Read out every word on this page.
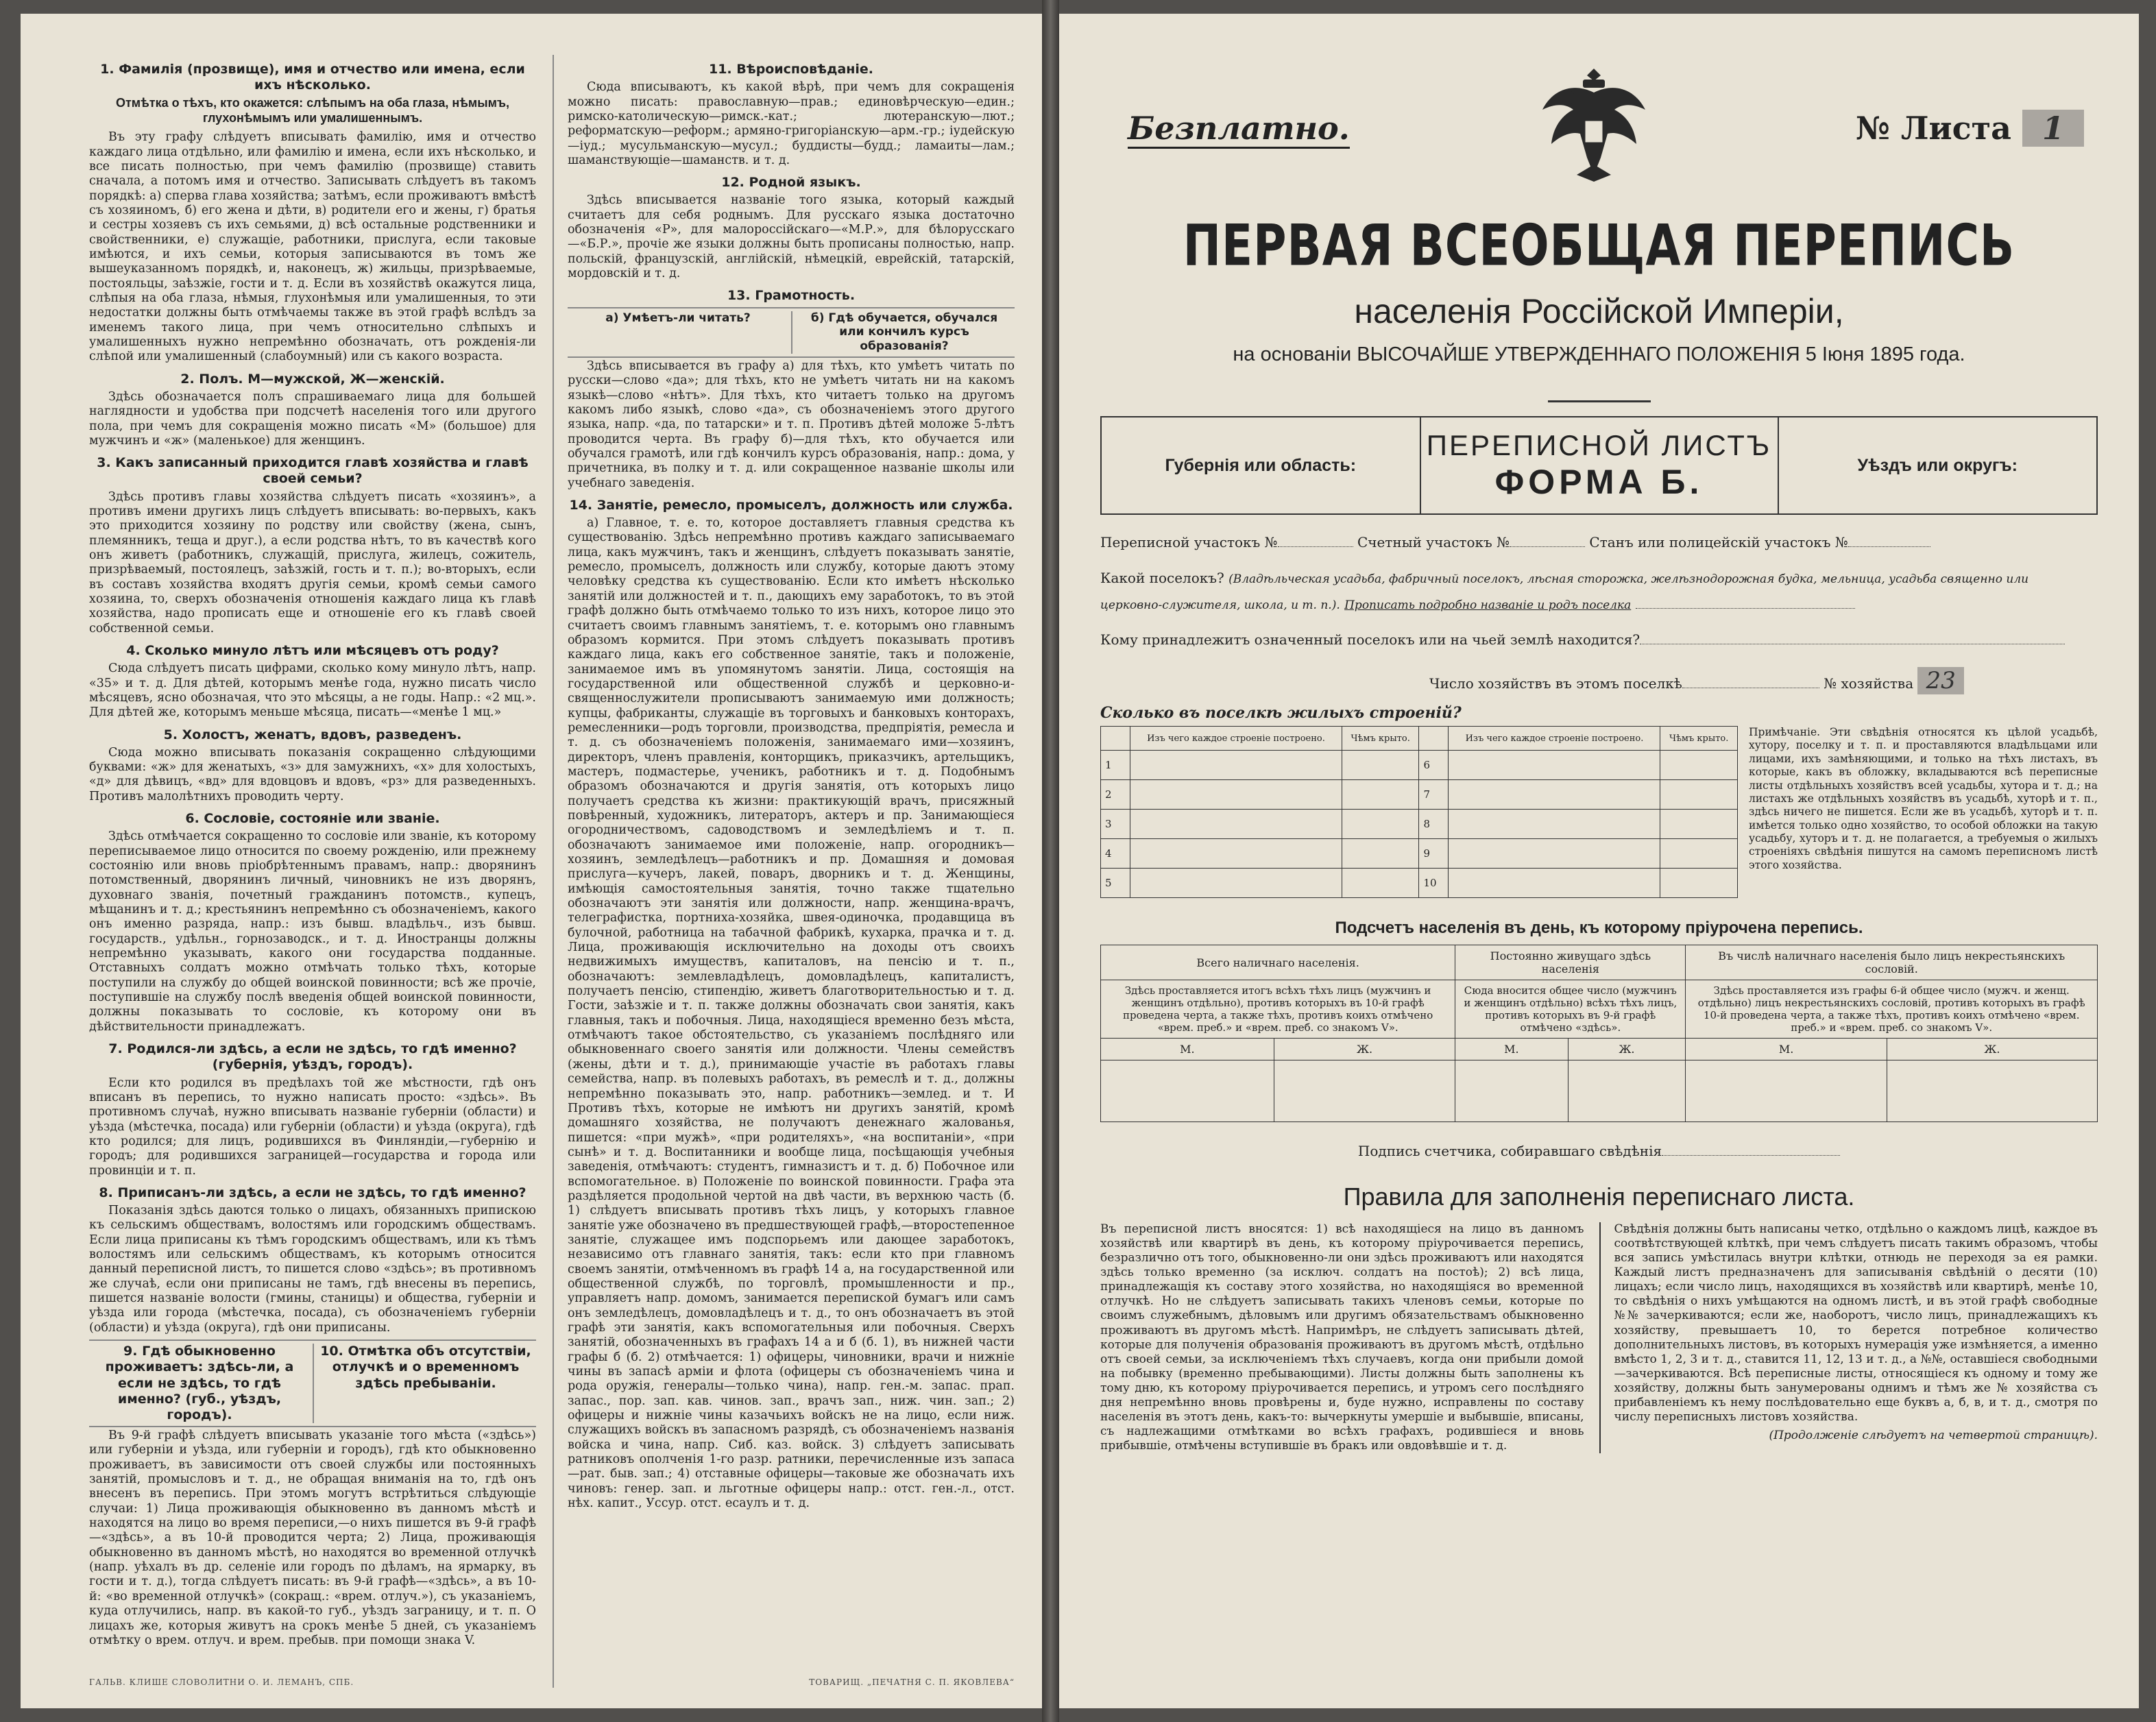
1. Фамилія (прозвище), имя и отчество или имена, если ихъ нѣсколько.
Отмѣтка о тѣхъ, кто окажется: слѣпымъ на оба глаза, нѣмымъ, глухонѣмымъ или умалишеннымъ.

Въ эту графу слѣдуетъ вписывать фамилію, имя и отчество каждаго лица отдѣльно, или фамилію и имена, если ихъ нѣсколько, и все писать полностью, при чемъ фамилію (прозвище) ставить сначала, а потомъ имя и отчество. Записывать слѣдуетъ въ такомъ порядкѣ: а) сперва глава хозяйства; затѣмъ, если проживаютъ вмѣстѣ съ хозяиномъ, б) его жена и дѣти, в) родители его и жены, г) братья и сестры хозяевъ съ ихъ семьями, д) всѣ остальные родственники и свойственники, е) служащіе, работники, прислуга, если таковые имѣются, и ихъ семьи, которыя записываются въ томъ же вышеуказанномъ порядкѣ, и, наконецъ, ж) жильцы, призрѣваемые, постояльцы, заѣзжіе, гости и т. д. Если въ хозяйствѣ окажутся лица, слѣпыя на оба глаза, нѣмыя, глухонѣмыя или умалишенныя, то эти недостатки должны быть отмѣчаемы также въ этой графѣ вслѣдъ за именемъ такого лица, при чемъ относительно слѣпыхъ и умалишенныхъ нужно непремѣнно обозначать, отъ рожденія-ли слѣпой или умалишенный (слабоумный) или съ какого возраста.

2. Полъ. М—мужской, Ж—женскій.

Здѣсь обозначается полъ спрашиваемаго лица для большей наглядности и удобства при подсчетѣ населенія того или другого пола, при чемъ для сокращенія можно писать «М» (большое) для мужчинъ и «ж» (маленькое) для женщинъ.

3. Какъ записанный приходится главѣ хозяйства и главѣ своей семьи?

Здѣсь противъ главы хозяйства слѣдуетъ писать «хозяинъ», а противъ имени другихъ лицъ слѣдуетъ вписывать: во-первыхъ, какъ это приходится хозяину по родству или свойству (жена, сынъ, племянникъ, теща и друг.), а если родства нѣтъ, то въ качествѣ кого онъ живетъ (работникъ, служащій, прислуга, жилецъ, сожитель, призрѣваемый, постоялецъ, заѣзжій, гость и т. п.); во-вторыхъ, если въ составъ хозяйства входятъ другія семьи, кромѣ семьи самого хозяина, то, сверхъ обозначенія отношенія каждаго лица къ главѣ хозяйства, надо прописать еще и отношеніе его къ главѣ своей собственной семьи.

4. Сколько минуло лѣтъ или мѣсяцевъ отъ роду?

Сюда слѣдуетъ писать цифрами, сколько кому минуло лѣтъ, напр. «35» и т. д. Для дѣтей, которымъ менѣе года, нужно писать число мѣсяцевъ, ясно обозначая, что это мѣсяцы, а не годы. Напр.: «2 мц.». Для дѣтей же, которымъ меньше мѣсяца, писать—«менѣе 1 мц.»

5. Холостъ, женатъ, вдовъ, разведенъ.

Сюда можно вписывать показанія сокращенно слѣдующими буквами: «ж» для женатыхъ, «з» для замужнихъ, «х» для холостыхъ, «д» для дѣвицъ, «вд» для вдовцовъ и вдовъ, «рз» для разведенныхъ. Противъ малолѣтнихъ проводить черту.

6. Сословіе, состояніе или званіе.

Здѣсь отмѣчается сокращенно то сословіе или званіе, къ которому переписываемое лицо относится по своему рожденію, или прежнему состоянію или вновь пріобрѣтеннымъ правамъ, напр.: дворянинъ потомственный, дворянинъ личный, чиновникъ не изъ дворянъ, духовнаго званія, почетный гражданинъ потомств., купецъ, мѣщанинъ и т. д.; крестьянинъ непремѣнно съ обозначеніемъ, какого онъ именно разряда, напр.: изъ бывш. владѣльч., изъ бывш. государств., удѣльн., горнозаводск., и т. д. Иностранцы должны непремѣнно указывать, какого они государства подданные. Отставныхъ солдатъ можно отмѣчать только тѣхъ, которые поступили на службу до общей воинской повинности; всѣ же прочіе, поступившіе на службу послѣ введенія общей воинской повинности, должны показывать то сословіе, къ которому они въ дѣйствительности принадлежатъ.

7. Родился-ли здѣсь, а если не здѣсь, то гдѣ именно? (губернія, уѣздъ, городъ).

Если кто родился въ предѣлахъ той же мѣстности, гдѣ онъ вписанъ въ перепись, то нужно написать просто: «здѣсь». Въ противномъ случаѣ, нужно вписывать названіе губерніи (области) и уѣзда (мѣстечка, посада) или губерніи (области) и уѣзда (округа), гдѣ кто родился; для лицъ, родившихся въ Финляндіи,—губернію и городъ; для родившихся заграницей—государства и города или провинціи и т. п.

8. Приписанъ-ли здѣсь, а если не здѣсь, то гдѣ именно?

Показанія здѣсь даются только о лицахъ, обязанныхъ припискою къ сельскимъ обществамъ, волостямъ или городскимъ обществамъ. Если лица приписаны къ тѣмъ городскимъ обществамъ, или къ тѣмъ волостямъ или сельскимъ обществамъ, къ которымъ относится данный переписной листъ, то пишется слово «здѣсь»; въ противномъ же случаѣ, если они приписаны не тамъ, гдѣ внесены въ перепись, пишется названіе волости (гмины, станицы) и общества, губерніи и уѣзда или города (мѣстечка, посада), съ обозначеніемъ губерніи (области) и уѣзда (округа), гдѣ они приписаны.

9. Гдѣ обыкновенно проживаетъ: здѣсь-ли, а если не здѣсь, то гдѣ именно? (губ., уѣздъ, городъ).
10. Отмѣтка объ отсутствіи, отлучкѣ и о временномъ здѣсь пребываніи.

Въ 9-й графѣ слѣдуетъ вписывать указаніе того мѣста («здѣсь») или губерніи и уѣзда, или губерніи и городъ), гдѣ кто обыкновенно проживаетъ, въ зависимости отъ своей службы или постоянныхъ занятій, промысловъ и т. д., не обращая вниманія на то, гдѣ онъ внесенъ въ перепись. При этомъ могутъ встрѣтиться слѣдующіе случаи: 1) Лица проживающія обыкновенно въ данномъ мѣстѣ и находятся на лицо во время переписи,—о нихъ пишется въ 9-й графѣ—«здѣсь», а въ 10-й проводится черта; 2) Лица, проживающія обыкновенно въ данномъ мѣстѣ, но находятся во временной отлучкѣ (напр. уѣхалъ въ др. селеніе или городъ по дѣламъ, на ярмарку, въ гости и т. д.), тогда слѣдуетъ писать: въ 9-й графѣ—«здѣсь», а въ 10-й: «во временной отлучкѣ» (сокращ.: «врем. отлуч.»), съ указаніемъ, куда отлучились, напр. въ какой-то губ., уѣздъ заграницу, и т. п. О лицахъ же, которыя живутъ на срокъ менѣе 5 дней, съ указаніемъ отмѣтку о врем. отлуч. и врем. пребыв. при помощи знака V.

ГАЛЬВ. КЛИШЕ СЛОВОЛИТНИ О. И. ЛЕМАНЪ, СПБ.
11. Вѣроисповѣданіе.

Сюда вписываютъ, къ какой вѣрѣ, при чемъ для сокращенія можно писать: православную—прав.; единовѣрческую—един.; римско-католическую—римск.-кат.; лютеранскую—лют.; реформатскую—реформ.; армяно-григоріанскую—арм.-гр.; іудейскую—іуд.; мусульманскую—мусул.; буддисты—будд.; ламаиты—лам.; шаманствующіе—шаманств. и т. д.

12. Родной языкъ.

Здѣсь вписывается названіе того языка, который каждый считаетъ для себя роднымъ. Для русскаго языка достаточно обозначенія «Р», для малороссійскаго—«М.Р.», для бѣлорусскаго—«Б.Р.», прочіе же языки должны быть прописаны полностью, напр. польскій, французскій, англійскій, нѣмецкій, еврейскій, татарскій, мордовскій и т. д.

13. Грамотность.
а) Умѣетъ-ли читать?	б) Гдѣ обучается, обучался или кончилъ курсъ образованія?

Здѣсь вписывается въ графу а) для тѣхъ, кто умѣетъ читать по русски—слово «да»; для тѣхъ, кто не умѣетъ читать ни на какомъ языкѣ—слово «нѣтъ». Для тѣхъ, кто читаетъ только на другомъ какомъ либо языкѣ, слово «да», съ обозначеніемъ этого другого языка, напр. «да, по татарски» и т. п. Противъ дѣтей моложе 5-лѣтъ проводится черта. Въ графу б)—для тѣхъ, кто обучается или обучался грамотѣ, или гдѣ кончилъ курсъ образованія, напр.: дома, у причетника, въ полку и т. д. или сокращенное названіе школы или учебнаго заведенія.

14. Занятіе, ремесло, промыселъ, должность или служба.

а) Главное, т. е. то, которое доставляетъ главныя средства къ существованію. Здѣсь непремѣнно противъ каждаго записываемаго лица, какъ мужчинъ, такъ и женщинъ, слѣдуетъ показывать занятіе, ремесло, промыселъ, должность или службу, которые даютъ этому человѣку средства къ существованію. Если кто имѣетъ нѣсколько занятій или должностей и т. п., дающихъ ему заработокъ, то въ этой графѣ должно быть отмѣчаемо только то изъ нихъ, которое лицо это считаетъ своимъ главнымъ занятіемъ, т. е. которымъ оно главнымъ образомъ кормится. При этомъ слѣдуетъ показывать противъ каждаго лица, какъ его собственное занятіе, такъ и положеніе, занимаемое имъ въ упомянутомъ занятіи. Лица, состоящія на государственной или общественной службѣ и церковно-и-священнослужители прописываютъ занимаемую ими должность; купцы, фабриканты, служащіе въ торговыхъ и банковыхъ конторахъ, ремесленники—родъ торговли, производства, предпріятія, ремесла и т. д. съ обозначеніемъ положенія, занимаемаго ими—хозяинъ, директоръ, членъ правленія, конторщикъ, приказчикъ, артельщикъ, мастеръ, подмастерье, ученикъ, работникъ и т. д. Подобнымъ образомъ обозначаются и другія занятія, отъ которыхъ лицо получаетъ средства къ жизни: практикующій врачъ, присяжный повѣренный, художникъ, литераторъ, актеръ и пр. Занимающіеся огородничествомъ, садоводствомъ и земледѣліемъ и т. п. обозначаютъ занимаемое ими положеніе, напр. огородникъ—хозяинъ, земледѣлецъ—работникъ и пр. Домашняя и домовая прислуга—кучеръ, лакей, поваръ, дворникъ и т. д. Женщины, имѣющія самостоятельныя занятія, точно также тщательно обозначаютъ эти занятія или должности, напр. женщина-врачъ, телеграфистка, портниха-хозяйка, швея-одиночка, продавщица въ булочной, работница на табачной фабрикѣ, кухарка, прачка и т. д. Лица, проживающія исключительно на доходы отъ своихъ недвижимыхъ имуществъ, капиталовъ, на пенсію и т. п., обозначаютъ: землевладѣлецъ, домовладѣлецъ, капиталистъ, получаетъ пенсію, стипендію, живетъ благотворительностью и т. д. Гости, заѣзжіе и т. п. также должны обозначать свои занятія, какъ главныя, такъ и побочныя. Лица, находящіеся временно безъ мѣста, отмѣчаютъ такое обстоятельство, съ указаніемъ послѣдняго или обыкновеннаго своего занятія или должности. Члены семействъ (жены, дѣти и т. д.), принимающіе участіе въ работахъ главы семейства, напр. въ полевыхъ работахъ, въ ремеслѣ и т. д., должны непремѣнно показывать это, напр. работникъ—землед. и т. И Противъ тѣхъ, которые не имѣютъ ни другихъ занятій, кромѣ домашняго хозяйства, не получаютъ денежнаго жалованья, пишется: «при мужѣ», «при родителяхъ», «на воспитаніи», «при сынѣ» и т. д. Воспитанники и вообще лица, посѣщающія учебныя заведенія, отмѣчаютъ: студентъ, гимназистъ и т. д. б) Побочное или вспомогательное. в) Положеніе по воинской повинности. Графа эта раздѣляется продольной чертой на двѣ части, въ верхнюю часть (б. 1) слѣдуетъ вписывать противъ тѣхъ лицъ, у которыхъ главное занятіе уже обозначено въ предшествующей графѣ,—второстепенное занятіе, служащее имъ подспорьемъ или дающее заработокъ, независимо отъ главнаго занятія, такъ: если кто при главномъ своемъ занятіи, отмѣченномъ въ графѣ 14 а, на государственной или общественной службѣ, по торговлѣ, промышленности и пр., управляетъ напр. домомъ, занимается перепиской бумагъ или самъ онъ земледѣлецъ, домовладѣлецъ и т. д., то онъ обозначаетъ въ этой графѣ эти занятія, какъ вспомогательныя или побочныя. Сверхъ занятій, обозначенныхъ въ графахъ 14 а и б (б. 1), въ нижней части графы б (б. 2) отмѣчается: 1) офицеры, чиновники, врачи и нижніе чины въ запасѣ арміи и флота (офицеры съ обозначеніемъ чина и рода оружія, генералы—только чина), напр. ген.-м. запас. прап. запас., пор. зап. кав. чинов. зап., врачъ зап., ниж. чин. зап.; 2) офицеры и нижніе чины казачьихъ войскъ не на лицо, если ниж. служащихъ войскъ въ запасномъ разрядѣ, съ обозначеніемъ названія войска и чина, напр. Сиб. каз. войск. 3) слѣдуетъ записывать ратниковъ ополченія 1-го разр. ратники, перечисленные изъ запаса—рат. быв. зап.; 4) отставные офицеры—таковые же обозначать ихъ чиновъ: генер. зап. и льготные офицеры напр.: отст. ген.-л., отст. нѣх. капит., Уссур. отст. есаулъ и т. д.

ТОВАРИЩ. „ПЕЧАТНЯ С. П. ЯКОВЛЕВА“
Безплатно.	№ Листа 1
ПЕРВАЯ ВСЕОБЩАЯ ПЕРЕПИСЬ
населенія Россійской Имперіи,
на основаніи ВЫСОЧАЙШЕ УТВЕРЖДЕННАГО ПОЛОЖЕНІЯ 5 Іюня 1895 года.
Губернія или область:
ПЕРЕПИСНОЙ ЛИСТЪ
ФОРМА Б.	Уѣздъ или округъ:
Переписной участокъ №	Счетный участокъ №	Станъ или полицейскій участокъ №
Какой поселокъ? (Владѣльческая усадьба, фабричный поселокъ, лѣсная сторожка, желѣзнодорожная будка, мельница, усадьба священно или
церковно-служителя, школа, и т. п.). Прописать подробно названіе и родъ поселка
Кому принадлежитъ означенный поселокъ или на чьей землѣ находится?
Число хозяйствъ въ этомъ поселкѣ	№ хозяйства 23
Сколько въ поселкѣ жилыхъ строеній?
	Изъ чего каждое строеніе построено.	Чѣмъ крыто.		Изъ чего каждое строеніе построено.	Чѣмъ крыто.
1			6		
2			7		
3			8		
4			9		
5			10		
Примѣчаніе. Эти свѣдѣнія относятся къ цѣлой усадьбѣ, хутору, поселку и т. п. и проставляются владѣльцами или лицами, ихъ замѣняющими, и только на тѣхъ листахъ, въ которые, какъ въ обложку, вкладываются всѣ переписные листы отдѣльныхъ хозяйствъ всей усадьбы, хутора и т. д.; на листахъ же отдѣльныхъ хозяйствъ въ усадьбѣ, хуторѣ и т. п., здѣсь ничего не пишется. Если же въ усадьбѣ, хуторѣ и т. п. имѣется только одно хозяйство, то особой обложки на такую усадьбу, хуторъ и т. д. не полагается, а требуемыя о жилыхъ строеніяхъ свѣдѣнія пишутся на самомъ переписномъ листѣ этого хозяйства.
Подсчетъ населенія въ день, къ которому пріурочена перепись.
Всего наличнаго населенія.		Постоянно живущаго здѣсь населенія		Въ числѣ наличнаго населенія было лицъ некрестьянскихъ сословій.	
Здѣсь проставляется итогъ всѣхъ тѣхъ лицъ (мужчинъ и женщинъ отдѣльно), противъ которыхъ въ 10-й графѣ проведена черта, а также тѣхъ, противъ коихъ отмѣчено «врем. преб.» и «врем. преб. со знакомъ V».		Сюда вносится общее число (мужчинъ и женщинъ отдѣльно) всѣхъ тѣхъ лицъ, противъ которыхъ въ 9-й графѣ отмѣчено «здѣсь».		Здѣсь проставляется изъ графы 6-й общее число (мужч. и женщ. отдѣльно) лицъ некрестьянскихъ сословій, противъ которыхъ въ графѣ 10-й проведена черта, а также тѣхъ, противъ коихъ отмѣчено «врем. преб.» и «врем. преб. со знакомъ V».	
М.	Ж.	М.	Ж.	М.	Ж.

Подпись счетчика, собиравшаго свѣдѣнія
Правила для заполненія переписнаго листа.
Въ переписной листъ вносятся: 1) всѣ находящіеся на лицо въ данномъ хозяйствѣ или квартирѣ въ день, къ которому пріурочивается перепись, безразлично отъ того, обыкновенно-ли они здѣсь проживаютъ или находятся здѣсь только временно (за исключ. солдатъ на постоѣ); 2) всѣ лица, принадлежащія къ составу этого хозяйства, но находящіяся во временной отлучкѣ. Но не слѣдуетъ записывать такихъ членовъ семьи, которые по своимъ служебнымъ, дѣловымъ или другимъ обязательствамъ обыкновенно проживаютъ въ другомъ мѣстѣ. Напримѣръ, не слѣдуетъ записывать дѣтей, которые для полученія образованія проживаютъ въ другомъ мѣстѣ, отдѣльно отъ своей семьи, за исключеніемъ тѣхъ случаевъ, когда они прибыли домой на побывку (временно пребывающими). Листы должны быть заполнены къ тому дню, къ которому пріурочивается перепись, и утромъ сего послѣдняго дня непремѣнно вновь провѣрены и, буде нужно, исправлены по составу населенія въ этотъ день, какъ-то: вычеркнуты умершіе и выбывшіе, вписаны, съ надлежащими отмѣтками во всѣхъ графахъ, родившіеся и вновь прибывшіе, отмѣчены вступившіе въ бракъ или овдовѣвшіе и т. д.
Свѣдѣнія должны быть написаны четко, отдѣльно о каждомъ лицѣ, каждое въ соотвѣтствующей клѣткѣ, при чемъ слѣдуетъ писать такимъ образомъ, чтобы вся запись умѣстилась внутри клѣтки, отнюдь не переходя за ея рамки. Каждый листъ предназначенъ для записыванія свѣдѣній о десяти (10) лицахъ; если число лицъ, находящихся въ хозяйствѣ или квартирѣ, менѣе 10, то свѣдѣнія о нихъ умѣщаются на одномъ листѣ, и въ этой графѣ свободные №№ зачеркиваются; если же, наоборотъ, число лицъ, принадлежащихъ къ хозяйству, превышаетъ 10, то берется потребное количество дополнительныхъ листовъ, въ которыхъ нумерація уже измѣняется, а именно вмѣсто 1, 2, 3 и т. д., ставится 11, 12, 13 и т. д., а №№, оставшіеся свободными—зачеркиваются. Всѣ переписные листы, относящіеся къ одному и тому же хозяйству, должны быть занумерованы однимъ и тѣмъ же № хозяйства съ прибавленіемъ къ нему послѣдовательно еще буквъ а, б, в, и т. д., смотря по числу переписныхъ листовъ хозяйства.
(Продолженіе слѣдуетъ на четвертой страницѣ).
